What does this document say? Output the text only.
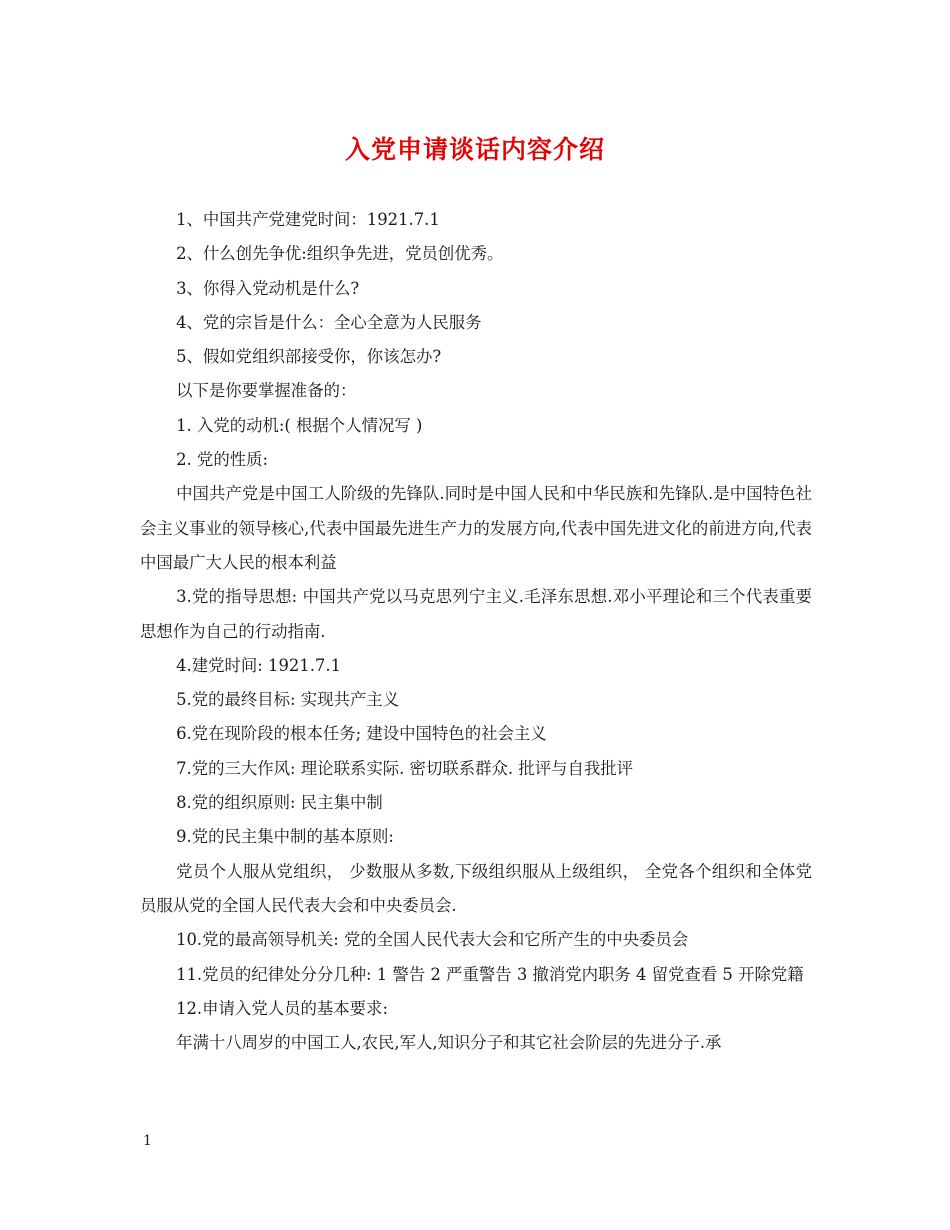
入党申请谈话内容介绍

1、中国共产党建党时间：1921.7.1

2、什么创先争优:组织争先进，党员创优秀。

3、你得入党动机是什么?

4、党的宗旨是什么：全心全意为人民服务

5、假如党组织部接受你，你该怎办?

以下是你要掌握准备的：

1. 入党的动机:( 根据个人情况写 )

2. 党的性质:

中国共产党是中国工人阶级的先锋队.同时是中国人民和中华民族和先锋队.是中国特色社会主义事业的领导核心,代表中国最先进生产力的发展方向,代表中国先进文化的前进方向,代表中国最广大人民的根本利益

3.党的指导思想: 中国共产党以马克思列宁主义.毛泽东思想.邓小平理论和三个代表重要思想作为自己的行动指南.

4.建党时间: 1921.7.1

5.党的最终目标: 实现共产主义

6.党在现阶段的根本任务; 建设中国特色的社会主义

7.党的三大作风: 理论联系实际. 密切联系群众. 批评与自我批评

8.党的组织原则: 民主集中制

9.党的民主集中制的基本原则:

党员个人服从党组织， 少数服从多数,下级组织服从上级组织， 全党各个组织和全体党员服从党的全国人民代表大会和中央委员会.

10.党的最高领导机关: 党的全国人民代表大会和它所产生的中央委员会

11.党员的纪律处分分几种: 1 警告 2 严重警告 3 撤消党内职务 4 留党查看 5 开除党籍

12.申请入党人员的基本要求:

年满十八周岁的中国工人,农民,军人,知识分子和其它社会阶层的先进分子.承

1
